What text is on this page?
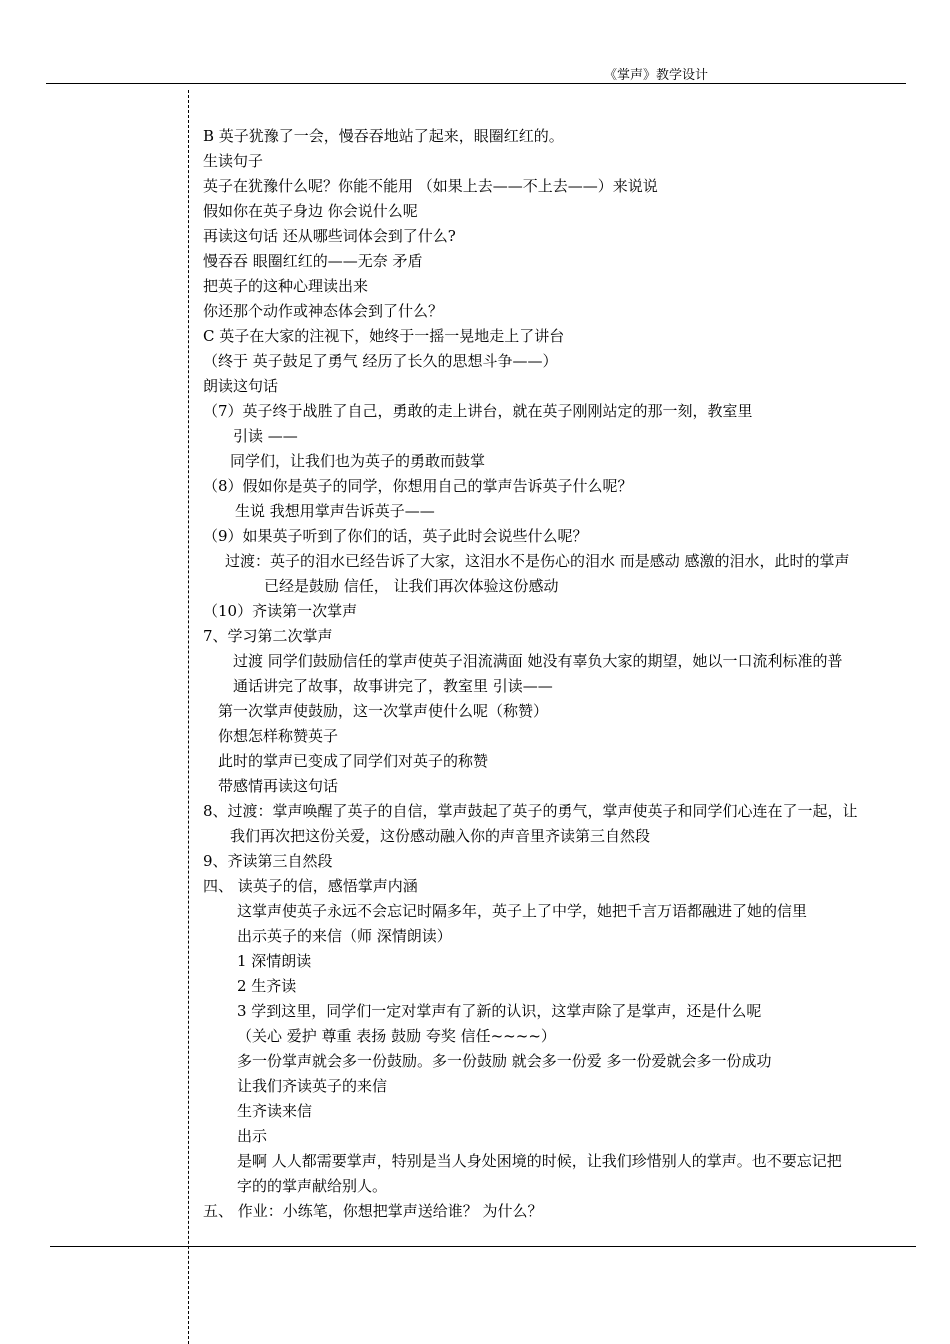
《掌声》教学设计
B 英子犹豫了一会，慢吞吞地站了起来，眼圈红红的。
生读句子
英子在犹豫什么呢？你能不能用 （如果上去——不上去——）来说说
假如你在英子身边 你会说什么呢
再读这句话 还从哪些词体会到了什么?
慢吞吞 眼圈红红的——无奈 矛盾
把英子的这种心理读出来
你还那个动作或神态体会到了什么？
C 英子在大家的注视下，她终于一摇一晃地走上了讲台
（终于 英子鼓足了勇气 经历了长久的思想斗争——）
朗读这句话
（7）英子终于战胜了自己，勇敢的走上讲台，就在英子刚刚站定的那一刻，教室里
引读 ——
同学们，让我们也为英子的勇敢而鼓掌
（8）假如你是英子的同学，你想用自己的掌声告诉英子什么呢？
生说 我想用掌声告诉英子——
（9）如果英子听到了你们的话，英子此时会说些什么呢？
过渡：英子的泪水已经告诉了大家，这泪水不是伤心的泪水 而是感动 感激的泪水，此时的掌声
已经是鼓励 信任， 让我们再次体验这份感动
（10）齐读第一次掌声
7、学习第二次掌声
过渡 同学们鼓励信任的掌声使英子泪流满面 她没有辜负大家的期望，她以一口流利标准的普
通话讲完了故事，故事讲完了，教室里 引读——
第一次掌声使鼓励，这一次掌声使什么呢（称赞）
你想怎样称赞英子
此时的掌声已变成了同学们对英子的称赞
带感情再读这句话
8、过渡：掌声唤醒了英子的自信，掌声鼓起了英子的勇气，掌声使英子和同学们心连在了一起，让
我们再次把这份关爱，这份感动融入你的声音里齐读第三自然段
9、齐读第三自然段
四、 读英子的信，感悟掌声内涵
这掌声使英子永远不会忘记时隔多年，英子上了中学，她把千言万语都融进了她的信里
出示英子的来信（师 深情朗读）
1 深情朗读
2 生齐读
3 学到这里，同学们一定对掌声有了新的认识，这掌声除了是掌声，还是什么呢
（关心 爱护 尊重 表扬 鼓励 夸奖 信任~~~~）
多一份掌声就会多一份鼓励。多一份鼓励 就会多一份爱 多一份爱就会多一份成功
让我们齐读英子的来信
生齐读来信
出示
是啊 人人都需要掌声，特别是当人身处困境的时候，让我们珍惜别人的掌声。也不要忘记把
字的的掌声献给别人。
五、 作业：小练笔，你想把掌声送给谁？ 为什么？
